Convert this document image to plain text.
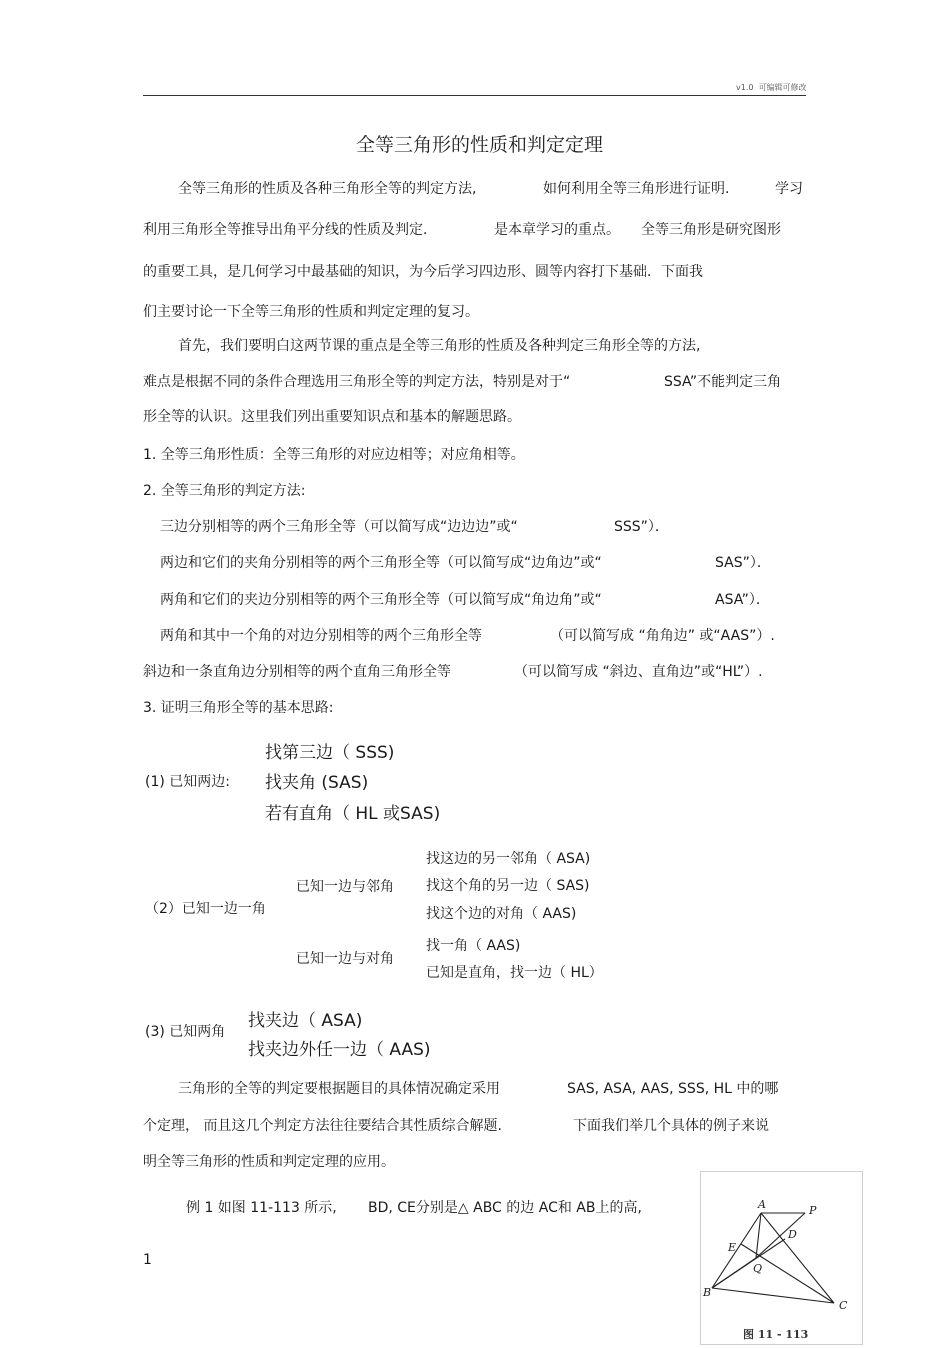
v1.0 可编辑可修改
全等三角形的性质和判定定理
全等三角形的性质及各种三角形全等的判定方法,	如何利用全等三角形进行证明.	学习
利用三角形全等推导出角平分线的性质及判定.	是本章学习的重点。 全等三角形是研究图形
的重要工具，是几何学习中最基础的知识，为今后学习四边形、圆等内容打下基础．下面我
们主要讨论一下全等三角形的性质和判定定理的复习。
首先，我们要明白这两节课的重点是全等三角形的性质及各种判定三角形全等的方法,
难点是根据不同的条件合理选用三角形全等的判定方法，特别是对于“	SSA”不能判定三角
形全等的认识。这里我们列出重要知识点和基本的解题思路。
1. 全等三角形性质：全等三角形的对应边相等；对应角相等。
2. 全等三角形的判定方法:
三边分别相等的两个三角形全等（可以简写成“边边边”或“	SSS”）．
两边和它们的夹角分别相等的两个三角形全等（可以简写成“边角边”或“	SAS”）．
两角和它们的夹边分别相等的两个三角形全等（可以简写成“角边角”或“	ASA”）．
两角和其中一个角的对边分别相等的两个三角形全等	（可以简写成 “角角边” 或“AAS”）.
斜边和一条直角边分别相等的两个直角三角形全等	（可以简写成 “斜边、直角边”或“HL”）.
3. 证明三角形全等的基本思路:
(1) 已知两边:
找第三边（ SSS)
找夹角 (SAS)
若有直角（ HL 或SAS)
（2）已知一边一角
已知一边与邻角
找这边的另一邻角（ ASA)
找这个角的另一边（ SAS)
找这个边的对角（ AAS)
已知一边与对角
找一角（ AAS)
已知是直角，找一边（ HL）
(3) 已知两角
找夹边（ ASA)
找夹边外任一边（ AAS)
三角形的全等的判定要根据题目的具体情况确定采用	SAS, ASA, AAS, SSS, HL 中的哪
个定理， 而且这几个判定方法往往要结合其性质综合解题.	下面我们举几个具体的例子来说
明全等三角形的性质和判定定理的应用。
例 1 如图 11-113 所示, BD, CE分别是△ ABC 的边 AC和 AB上的高,
1
A	P
D
E
Q
B
C
图 11 - 113
